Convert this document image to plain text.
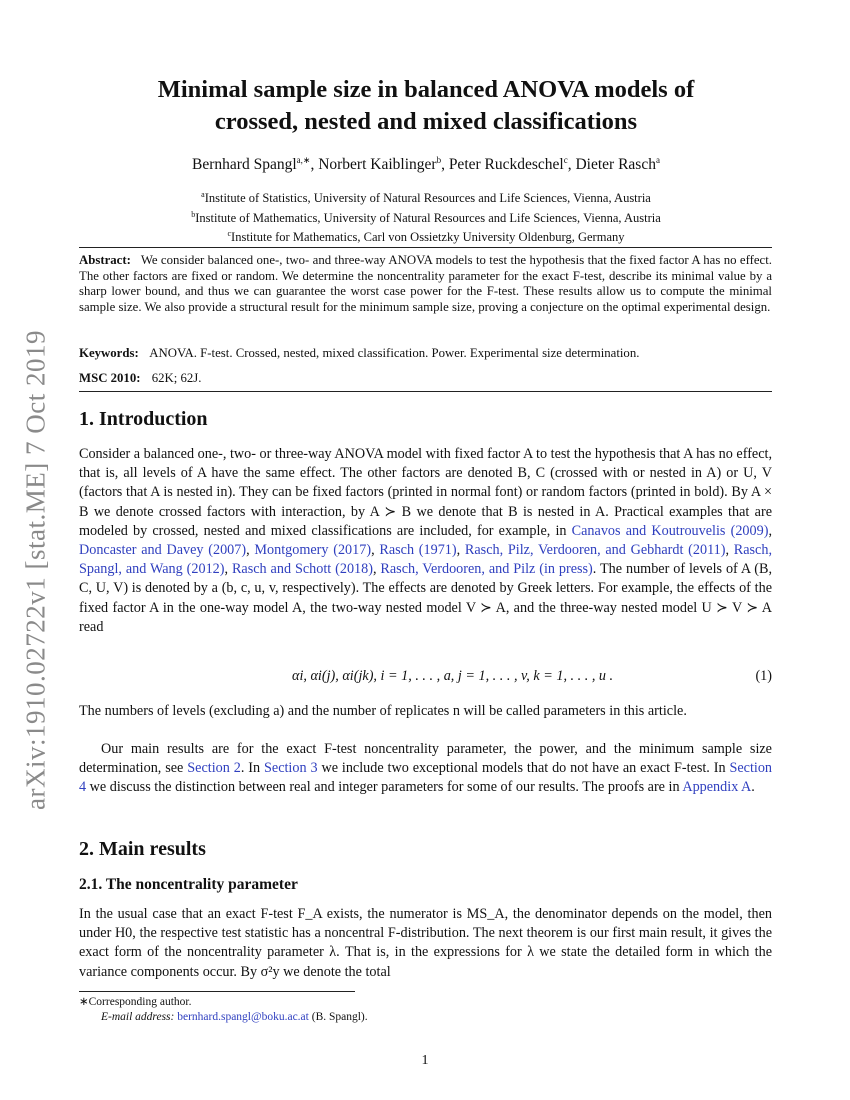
arXiv:1910.02722v1 [stat.ME] 7 Oct 2019
Minimal sample size in balanced ANOVA models of
crossed, nested and mixed classifications
Bernhard Spangl$^{a,∗}$, Norbert Kaiblinger$^b$, Peter Ruckdeschel$^c$, Dieter Rasch$^a$
$^a$Institute of Statistics, University of Natural Resources and Life Sciences, Vienna, Austria
$^b$Institute of Mathematics, University of Natural Resources and Life Sciences, Vienna, Austria
$^c$Institute for Mathematics, Carl von Ossietzky University Oldenburg, Germany
Abstract: We consider balanced one-, two- and three-way ANOVA models to test the hypothesis that the fixed factor A has no effect. The other factors are fixed or random. We determine the noncentrality parameter for the exact F-test, describe its minimal value by a sharp lower bound, and thus we can guarantee the worst case power for the F-test. These results allow us to compute the minimal sample size. We also provide a structural result for the minimum sample size, proving a conjecture on the optimal experimental design.
Keywords: ANOVA. F-test. Crossed, nested, mixed classification. Power. Experimental size determination.
MSC 2010: 62K; 62J.
1. Introduction
Consider a balanced one-, two- or three-way ANOVA model with fixed factor A to test the hypothesis that A has no effect, that is, all levels of A have the same effect. The other factors are denoted B, C (crossed with or nested in A) or U, V (factors that A is nested in). They can be fixed factors (printed in normal font) or random factors (printed in bold). By A × B we denote crossed factors with interaction, by A ≻ B we denote that B is nested in A. Practical examples that are modeled by crossed, nested and mixed classifications are included, for example, in Canavos and Koutrouvelis (2009), Doncaster and Davey (2007), Montgomery (2017), Rasch (1971), Rasch, Pilz, Verdooren, and Gebhardt (2011), Rasch, Spangl, and Wang (2012), Rasch and Schott (2018), Rasch, Verdooren, and Pilz (in press). The number of levels of A (B, C, U, V) is denoted by a (b, c, u, v, respectively). The effects are denoted by Greek letters. For example, the effects of the fixed factor A in the one-way model A, the two-way nested model V ≻ A, and the three-way nested model U ≻ V ≻ A read
αi, αi(j), αi(jk), i = 1, . . . , a, j = 1, . . . , v, k = 1, . . . , u .	(1)
The numbers of levels (excluding a) and the number of replicates n will be called parameters in this article.
Our main results are for the exact F-test noncentrality parameter, the power, and the minimum sample size determination, see Section 2. In Section 3 we include two exceptional models that do not have an exact F-test. In Section 4 we discuss the distinction between real and integer parameters for some of our results. The proofs are in Appendix A.
2. Main results
2.1. The noncentrality parameter
In the usual case that an exact F-test F_A exists, the numerator is MS_A, the denominator depends on the model, then under H0, the respective test statistic has a noncentral F-distribution. The next theorem is our first main result, it gives the exact form of the noncentrality parameter λ. That is, in the expressions for λ we state the detailed form in which the variance components occur. By σ²y we denote the total
∗Corresponding author.
E-mail address: bernhard.spangl@boku.ac.at (B. Spangl).
1
